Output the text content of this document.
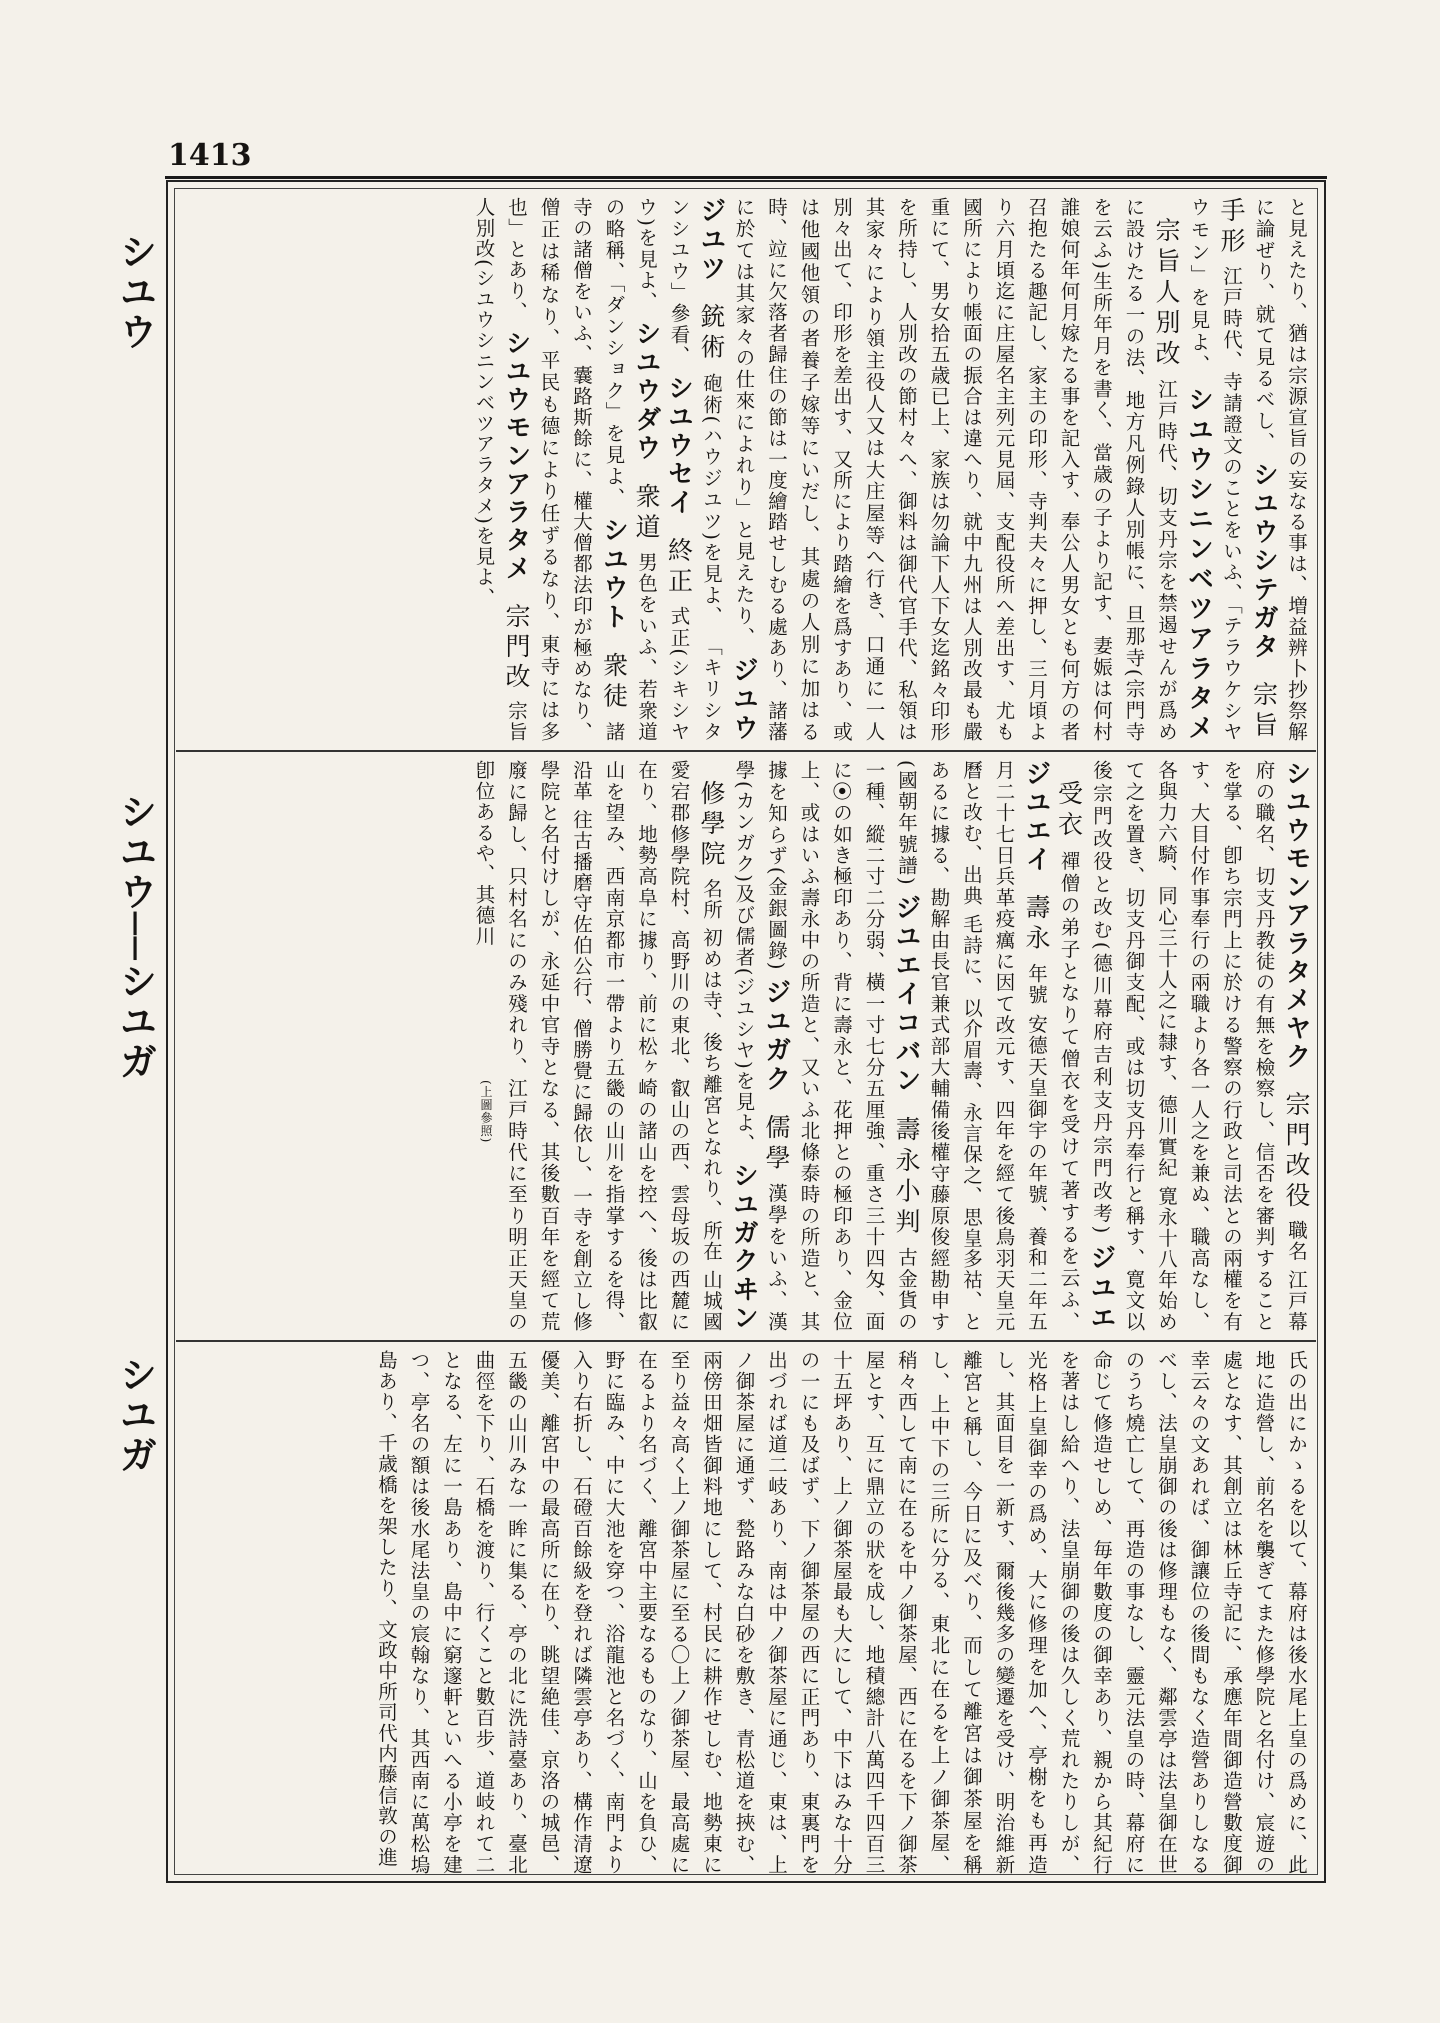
1413
シユウ
シユウ──シユガ
シユガ
と見えたり、猶は宗源宣旨の妄なる事は、増益辨卜抄祭解に論ぜり、就て見るべし、 シユウシテガタ宗旨手形 江戸時代、寺請證文のことをいふ、「テラウケシヤウモン」を見よ、 シユウシニンベツアラタメ宗旨人別改 江戸時代、切支丹宗を禁遏せんが爲めに設けたる一の法、地方凡例錄人別帳に、旦那寺(宗門寺を云ふ)生所年月を書く、當歳の子より記す、妻娠は何村誰娘何年何月嫁たる事を記入す、奉公人男女とも何方の者召抱たる趣記し、家主の印形、寺判夫々に押し、三月頃より六月頃迄に庄屋名主列元見屆、支配役所へ差出す、尤も國所により帳面の振合は違へり、就中九州は人別改最も嚴重にて、男女拾五歳已上、家族は勿論下人下女迄銘々印形を所持し、人別改の節村々へ、御料は御代官手代、私領は其家々により領主役人又は大庄屋等へ行き、口通に一人別々出て、印形を差出す、又所により踏繪を爲すあり、或は他國他領の者養子嫁等にいだし、其處の人別に加はる時、竝に欠落者歸住の節は一度繪踏せしむる處あり、諸藩に於ては其家々の仕來によれり」と見えたり、 ジユウジユツ銃術 砲術(ハウジユツ)を見よ、 「キリシタンシユウ」參看、 シユウセイ終正 式正(シキシヤウ)を見よ、 シユウダウ衆道 男色をいふ、若衆道の略稱、「ダンショク」を見よ、 シユウト衆徒 諸寺の諸僧をいふ、囊路斯餘に、權大僧都法印が極めなり、僧正は稀なり、平民も德により任ずるなり、東寺には多也」とあり、 シユウモンアラタメ宗門改 宗旨人別改(シユウシニンベツアラタメ)を見よ、
シユウモンアラタメヤク宗門改役 職名 江戸幕府の職名、切支丹教徒の有無を檢察し、信否を審判することを掌る、卽ち宗門上に於ける警察の行政と司法との兩權を有す、大目付作事奉行の兩職より各一人之を兼ぬ、職高なし、各與力六騎、同心三十人之に隸す、德川實紀 寛永十八年始めて之を置き、切支丹御支配、或は切支丹奉行と稱す、寛文以後宗門改役と改む(德川幕府吉利支丹宗門改考) ジユエ受衣 禪僧の弟子となりて僧衣を受けて著するを云ふ、 ジユエイ壽永 年號 安德天皇御宇の年號、養和二年五月二十七日兵革疫癘に因て改元す、四年を經て後鳥羽天皇元曆と改む、出典 毛詩に、以介眉壽、永言保之、思皇多祜、とあるに據る、勘解由長官兼式部大輔備後權守藤原俊經勘申す(國朝年號譜) ジユエイコバン壽永小判 古金貨の一種、縱二寸二分弱、橫一寸七分五厘強、重さ三十四匁、面に⦿の如き極印あり、背に壽永と、花押との極印あり、金位上、或はいふ壽永中の所造と、又いふ北條泰時の所造と、其據を知らず(金銀圖錄) ジユガク儒學 漢學をいふ、漢學(カンガク)及び儒者(ジユシヤ)を見よ、 シユガクヰン修學院 名所 初めは寺、後ち離宮となれり、所在 山城國愛宕郡修學院村、高野川の東北、叡山の西、雲母坂の西麓に在り、地勢高阜に據り、前に松ヶ崎の諸山を控へ、後は比叡山を望み、西南京都市一帶より五畿の山川を指掌するを得、沿革 往古播磨守佐伯公行、僧勝覺に歸依し、一寺を創立し修學院と名付けしが、永延中官寺となる、其後數百年を經て荒廢に歸し、只村名にのみ殘れり、江戸時代に至り明正天皇の卽位あるや、其德川
(上圖參照)
氏の出にかゝるを以て、幕府は後水尾上皇の爲めに、此地に造營し、前名を襲ぎてまた修學院と名付け、宸遊の處となす、其創立は林丘寺記に、承應年間御造營數度御幸云々の文あれば、御讓位の後間もなく造營ありしなるべし、法皇崩御の後は修理もなく、鄰雲亭は法皇御在世のうち燒亡して、再造の事なし、靈元法皇の時、幕府に命じて修造せしめ、毎年數度の御幸あり、親から其紀行を著はし給へり、法皇崩御の後は久しく荒れたりしが、光格上皇御幸の爲め、大に修理を加へ、亭榭をも再造し、其面目を一新す、爾後幾多の變遷を受け、明治維新離宮と稱し、今日に及べり、而して離宮は御茶屋を稱し、上中下の三所に分る、東北に在るを上ノ御茶屋、稍々西して南に在るを中ノ御茶屋、西に在るを下ノ御茶屋とす、互に鼎立の狀を成し、地積總計八萬四千四百三十五坪あり、上ノ御茶屋最も大にして、中下はみな十分の一にも及ばず、下ノ御茶屋の西に正門あり、東裏門を出づれば道二岐あり、南は中ノ御茶屋に通じ、東は、上ノ御茶屋に通ず、甃路みな白砂を敷き、青松道を挾む、兩傍田畑皆御料地にして、村民に耕作せしむ、地勢東に至り益々高く上ノ御茶屋に至る〇上ノ御茶屋、最高處に在るより名づく、離宮中主要なるものなり、山を負ひ、野に臨み、中に大池を穿つ、浴龍池と名づく、南門より入り右折し、石磴百餘級を登れば隣雲亭あり、構作清遼優美、離宮中の最高所に在り、眺望絶佳、京洛の城邑、五畿の山川みな一眸に集る、亭の北に洗詩臺あり、臺北曲徑を下り、石橋を渡り、行くこと數百步、道岐れて二となる、左に一島あり、島中に窮邃軒といへる小亭を建つ、亭名の額は後水尾法皇の宸翰なり、其西南に萬松塢島あり、千歳橋を架したり、文政中所司代内藤信敦の進
